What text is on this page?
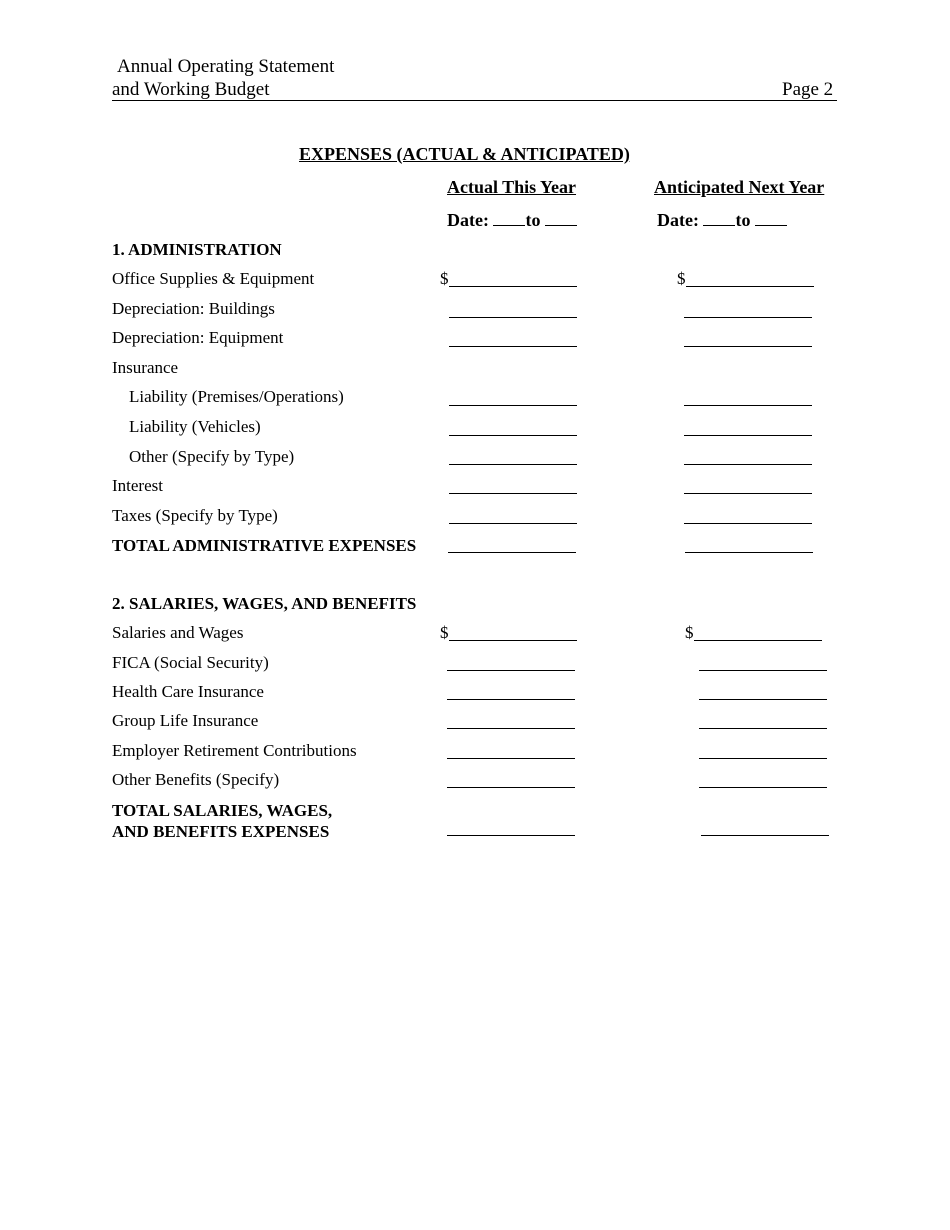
Annual Operating Statement
and Working Budget	Page 2
EXPENSES (ACTUAL & ANTICIPATED)
Actual This Year	Anticipated Next Year
Date: to	Date: to
1. ADMINISTRATION
Office Supplies & Equipment	$	$
Depreciation: Buildings
Depreciation: Equipment
Insurance
Liability (Premises/Operations)
Liability (Vehicles)
Other (Specify by Type)
Interest
Taxes (Specify by Type)
TOTAL ADMINISTRATIVE EXPENSES
2. SALARIES, WAGES, AND BENEFITS
Salaries and Wages	$	$
FICA (Social Security)
Health Care Insurance
Group Life Insurance
Employer Retirement Contributions
Other Benefits (Specify)
TOTAL SALARIES, WAGES,
AND BENEFITS EXPENSES
